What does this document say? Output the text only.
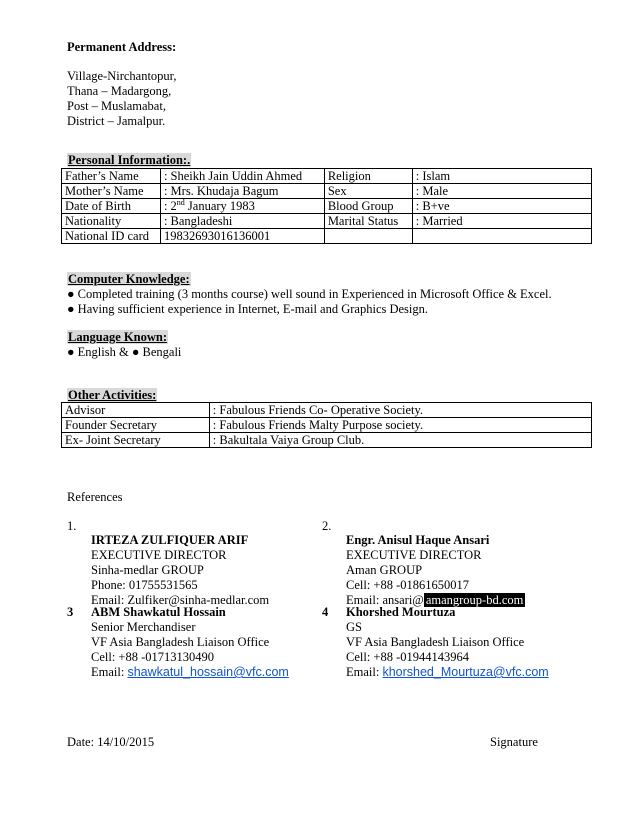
Permanent Address:
Village-Nirchantopur,
Thana – Madargong,
Post – Muslamabat,
District – Jamalpur.
Personal Information:.
Father’s Name	: Sheikh Jain Uddin Ahmed	Religion	: Islam
Mother’s Name	: Mrs. Khudaja Bagum	Sex	: Male
Date of Birth	: 2nd January 1983	Blood Group	: B+ve
Nationality	: Bangladeshi	Marital Status	: Married
National ID card	19832693016136001		
Computer Knowledge:
● Completed training (3 months course) well sound in Experienced in Microsoft Office & Excel.
● Having sufficient experience in Internet, E-mail and Graphics Design.
Language Known:
● English & ● Bengali
Other Activities:
Advisor	: Fabulous Friends Co- Operative Society.
Founder Secretary	: Fabulous Friends Malty Purpose society.
Ex- Joint Secretary	: Bakultala Vaiya Group Club.
References
1.
IRTEZA ZULFIQUER ARIF
EXECUTIVE DIRECTOR
Sinha-medlar GROUP
Phone: 01755531565
Email: Zulfiker@sinha-medlar.com
2.
Engr. Anisul Haque Ansari
EXECUTIVE DIRECTOR
Aman GROUP
Cell: +88 -01861650017
Email: ansari@ amangroup-bd.com
3 ABM Shawkatul Hossain
Senior Merchandiser
VF Asia Bangladesh Liaison Office
Cell: +88 -01713130490
Email: shawkatul_hossain@vfc.com
4 Khorshed Mourtuza
GS
VF Asia Bangladesh Liaison Office
Cell: +88 -01944143964
Email: khorshed_Mourtuza@vfc.com
Date: 14/10/2015	Signature
